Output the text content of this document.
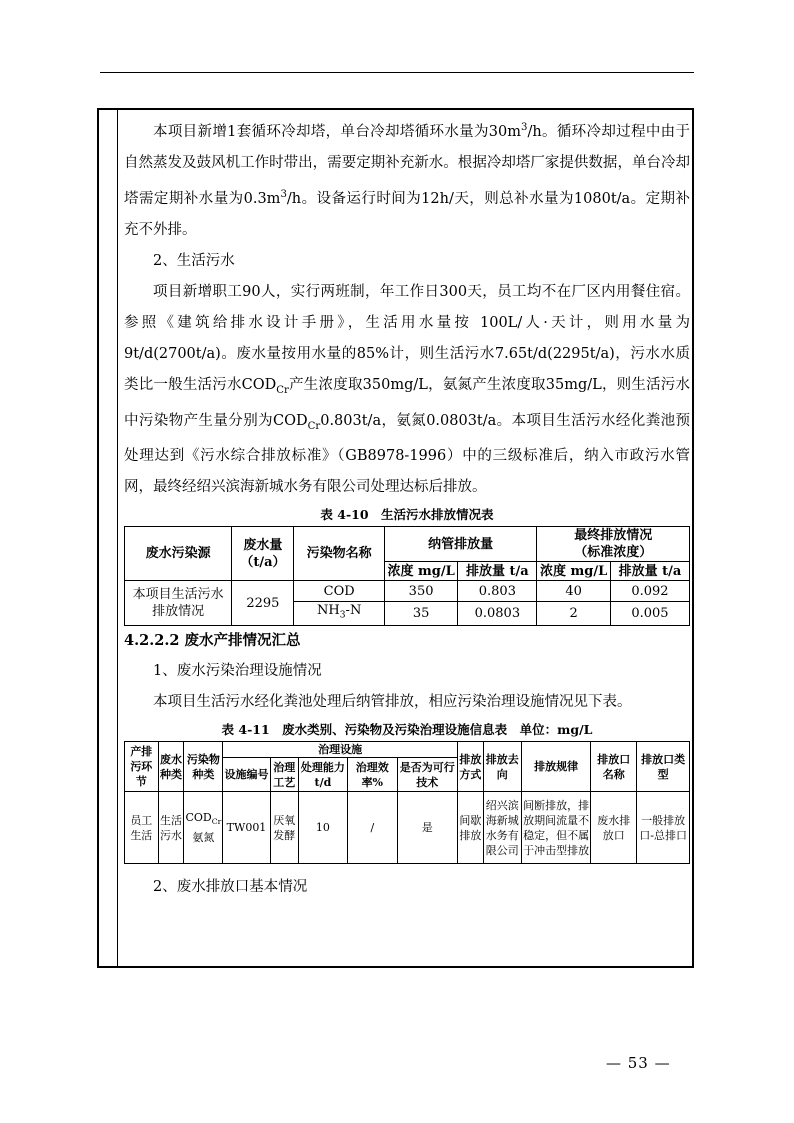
本项目新增1套循环冷却塔，单台冷却塔循环水量为$30m^3/h$。循环冷却过程中由于自然蒸发及鼓风机工作时带出，需要定期补充新水。根据冷却塔厂家提供数据，单台冷却塔需定期补水量为$0.3m^3/h$。设备运行时间为12h/天，则总补水量为1080t/a。定期补充不外排。

2、生活污水

项目新增职工90人，实行两班制，年工作日300天，员工均不在厂区内用餐住宿。参照《建筑给排水设计手册》，生活用水量按 100L/人·天计，则用水量为9t/d(2700t/a)。废水量按用水量的85%计，则生活污水7.65t/d(2295t/a)，污水水质类比一般生活污水$COD_{Cr}$产生浓度取350mg/L，氨氮产生浓度取35mg/L，则生活污水中污染物产生量分别为$COD_{Cr}0.803t/a$，氨氮0.0803t/a。本项目生活污水经化粪池预处理达到《污水综合排放标准》（GB8978-1996）中的三级标准后，纳入市政污水管网，最终经绍兴滨海新城水务有限公司处理达标后排放。

表 4-10　生活污水排放情况表
废水污染源	废水量
（t/a）	污染物名称	纳管排放量		最终排放情况
（标准浓度）	
			浓度 mg/L	排放量 t/a	浓度 mg/L	排放量 t/a
本项目生活污水排放情况	2295	COD	350	0.803	40	0.092
		$NH_3-N$	35	0.0803	2	0.005
4.2.2.2 废水产排情况汇总

1、废水污染治理设施情况

本项目生活污水经化粪池处理后纳管排放，相应污染治理设施情况见下表。

表 4-11　废水类别、污染物及污染治理设施信息表　单位：mg/L
产排污环节	废水种类	污染物种类	治理设施					排放方式	排放去向	排放规律	排放口名称	排放口类型
			设施编号	治理工艺	处理能力 t/d	治理效率%	是否为可行技术					
员工生活	生活污水	$COD_{Cr}$
氨氮	TW001	厌氧发酵	10	/	是	间歇排放	绍兴滨海新城水务有限公司	间断排放，排放期间流量不稳定，但不属于冲击型排放	废水排放口	一般排放口-总排口

2、废水排放口基本情况

— 53 —
